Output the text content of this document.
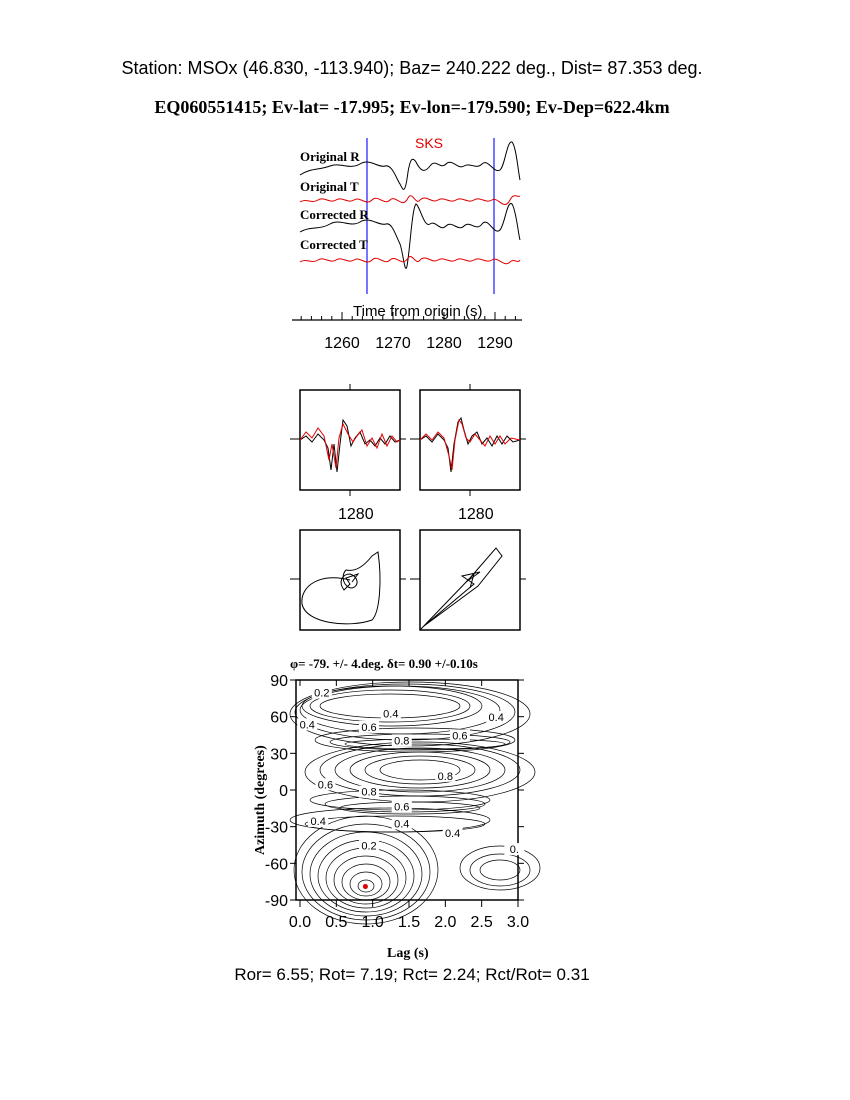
Station: MSOx (46.830, -113.940); Baz= 240.222 deg., Dist= 87.353 deg.
EQ060551415; Ev-lat= -17.995; Ev-lon=-179.590; Ev-Dep=622.4km
SKS
Original R
Original T
Corrected R
Corrected T
Time from origin (s)
1260 1270 1280 1290
1280	1280
φ= -79. +/- 4.deg. δt= 0.90 +/-0.10s
0.0 0.5 1.0 1.5 2.0 2.5 3.0
90
60
30
0
-30
-60
-90
0.2
0.4
0.6
0.8
0.4
0.6
0.4
0.8
0.6
0.8
0.6
0.4
0.4
0.2
0.4
0.
Lag (s)
Azimuth (degrees)
Ror= 6.55; Rot= 7.19; Rct= 2.24; Rct/Rot= 0.31
